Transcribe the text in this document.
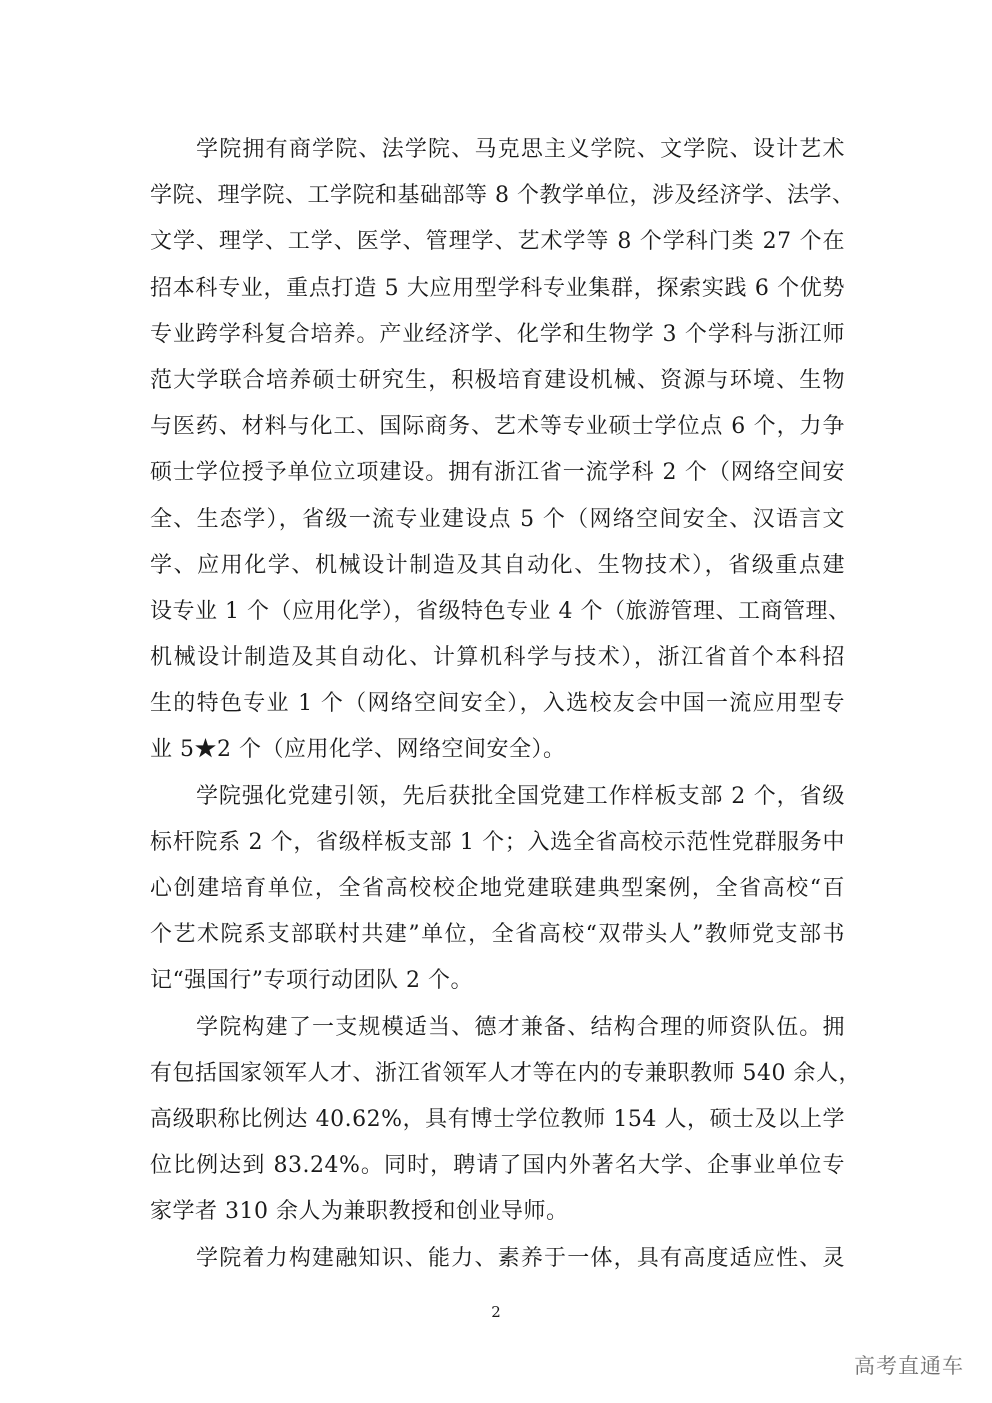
学院拥有商学院、法学院、马克思主义学院、文学院、设计艺术
学院、理学院、工学院和基础部等 8 个教学单位，涉及经济学、法学、
文学、理学、工学、医学、管理学、艺术学等 8 个学科门类 27 个在
招本科专业，重点打造 5 大应用型学科专业集群，探索实践 6 个优势
专业跨学科复合培养。产业经济学、化学和生物学 3 个学科与浙江师
范大学联合培养硕士研究生，积极培育建设机械、资源与环境、生物
与医药、材料与化工、国际商务、艺术等专业硕士学位点 6 个，力争
硕士学位授予单位立项建设。拥有浙江省一流学科 2 个（网络空间安
全、生态学），省级一流专业建设点 5 个（网络空间安全、汉语言文
学、应用化学、机械设计制造及其自动化、生物技术），省级重点建
设专业 1 个（应用化学），省级特色专业 4 个（旅游管理、工商管理、
机械设计制造及其自动化、计算机科学与技术），浙江省首个本科招
生的特色专业 1 个（网络空间安全），入选校友会中国一流应用型专
业 5★2 个（应用化学、网络空间安全）。
学院强化党建引领，先后获批全国党建工作样板支部 2 个，省级
标杆院系 2 个，省级样板支部 1 个；入选全省高校示范性党群服务中
心创建培育单位，全省高校校企地党建联建典型案例，全省高校“百
个艺术院系支部联村共建”单位，全省高校“双带头人”教师党支部书
记“强国行”专项行动团队 2 个。
学院构建了一支规模适当、德才兼备、结构合理的师资队伍。拥
有包括国家领军人才、浙江省领军人才等在内的专兼职教师 540 余人，
高级职称比例达 40.62%，具有博士学位教师 154 人，硕士及以上学
位比例达到 83.24%。同时，聘请了国内外著名大学、企事业单位专
家学者 310 余人为兼职教授和创业导师。
学院着力构建融知识、能力、素养于一体，具有高度适应性、灵
2
高考直通车
